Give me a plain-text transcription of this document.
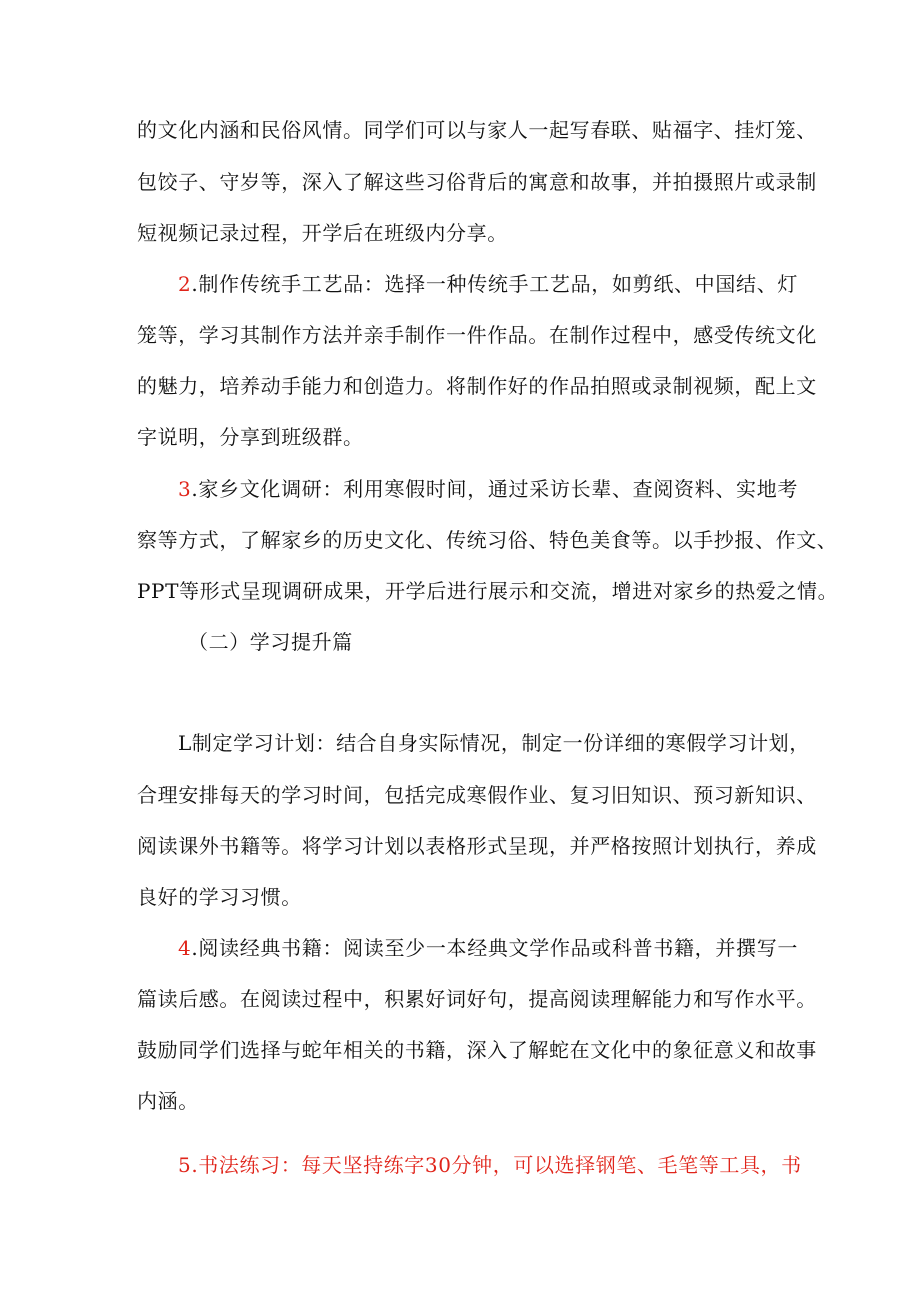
的文化内涵和民俗风情。同学们可以与家人一起写春联、贴福字、挂灯笼、
包饺子、守岁等，深入了解这些习俗背后的寓意和故事，并拍摄照片或录制
短视频记录过程，开学后在班级内分享。
2.制作传统手工艺品：选择一种传统手工艺品，如剪纸、中国结、灯
笼等，学习其制作方法并亲手制作一件作品。在制作过程中，感受传统文化
的魅力，培养动手能力和创造力。将制作好的作品拍照或录制视频，配上文
字说明，分享到班级群。
3.家乡文化调研：利用寒假时间，通过采访长辈、查阅资料、实地考
察等方式，了解家乡的历史文化、传统习俗、特色美食等。以手抄报、作文、
PPT等形式呈现调研成果，开学后进行展示和交流，增进对家乡的热爱之情。
（二）学习提升篇
L制定学习计划：结合自身实际情况，制定一份详细的寒假学习计划，
合理安排每天的学习时间，包括完成寒假作业、复习旧知识、预习新知识、
阅读课外书籍等。将学习计划以表格形式呈现，并严格按照计划执行，养成
良好的学习习惯。
4.阅读经典书籍：阅读至少一本经典文学作品或科普书籍，并撰写一
篇读后感。在阅读过程中，积累好词好句，提高阅读理解能力和写作水平。
鼓励同学们选择与蛇年相关的书籍，深入了解蛇在文化中的象征意义和故事
内涵。
5.书法练习：每天坚持练字30分钟，可以选择钢笔、毛笔等工具，书
